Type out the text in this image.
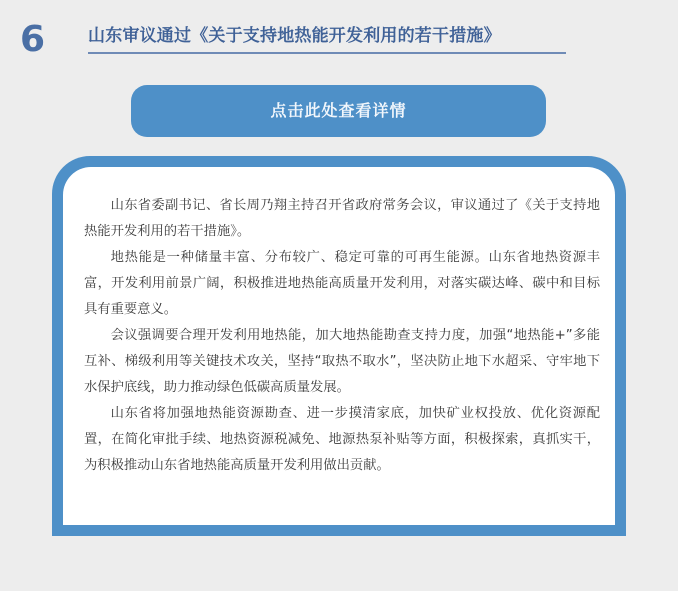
6	山东审议通过《关于支持地热能开发利用的若干措施》
点击此处查看详情

山东省委副书记、省长周乃翔主持召开省政府常务会议，审议通过了《关于支持地热能开发利用的若干措施》。

地热能是一种储量丰富、分布较广、稳定可靠的可再生能源。山东省地热资源丰富，开发利用前景广阔，积极推进地热能高质量开发利用，对落实碳达峰、碳中和目标具有重要意义。

会议强调要合理开发利用地热能，加大地热能勘查支持力度，加强“地热能+”多能互补、梯级利用等关键技术攻关，坚持“取热不取水”，坚决防止地下水超采、守牢地下水保护底线，助力推动绿色低碳高质量发展。

山东省将加强地热能资源勘查、进一步摸清家底，加快矿业权投放、优化资源配置，在简化审批手续、地热资源税减免、地源热泵补贴等方面，积极探索，真抓实干，为积极推动山东省地热能高质量开发利用做出贡献。
